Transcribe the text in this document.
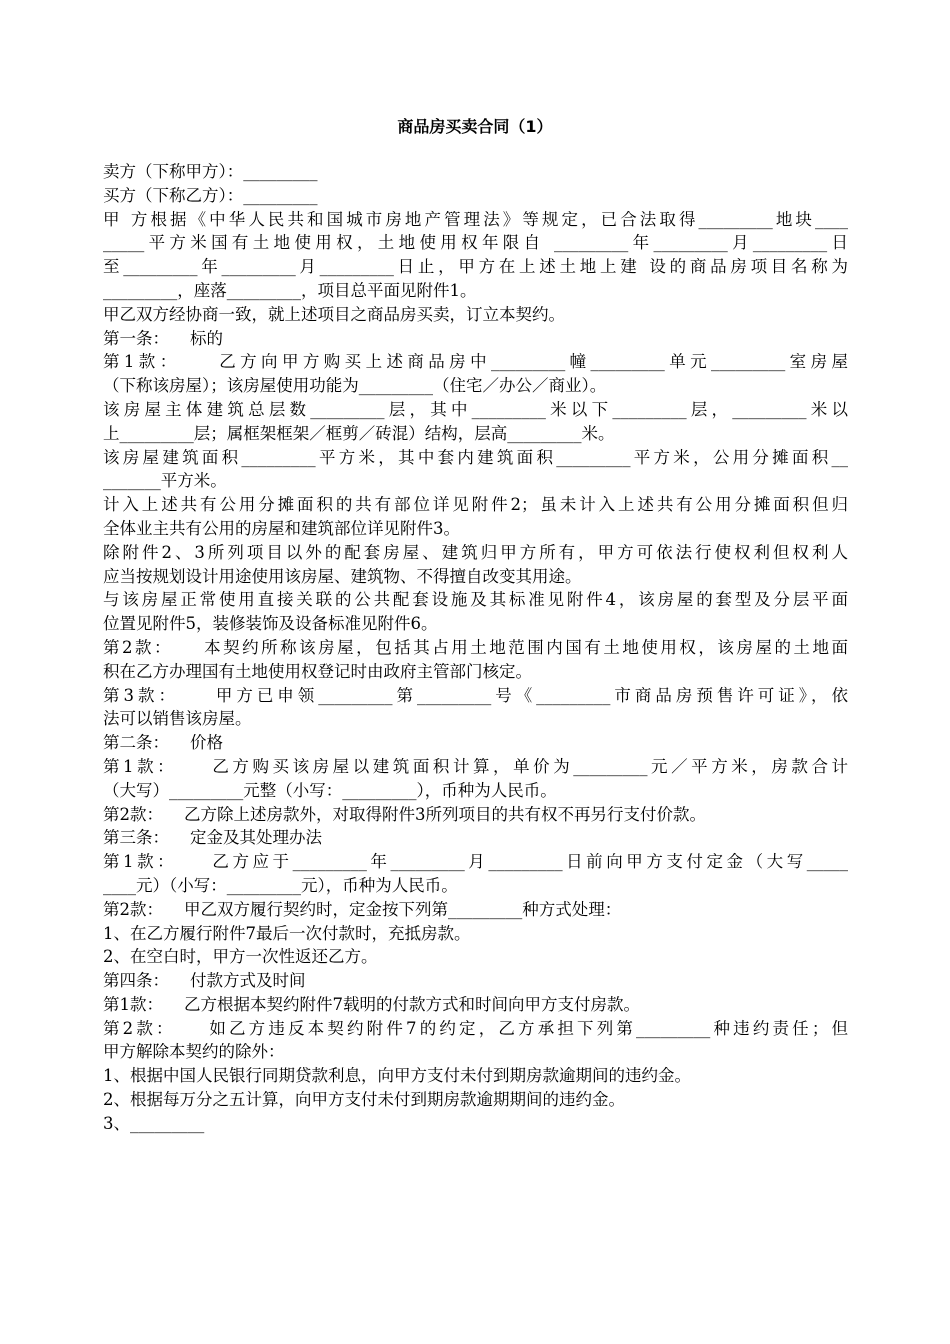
商品房买卖合同（1）
卖方（下称甲方）：_________
买方（下称乙方）：_________
甲 方根据《中华人民共和国城市房地产管理法》等规定，已合法取得_________地块____
_____平方米国有土地使用权，土地使用权年限自 _________年_________月_________日
至_________年_________月_________日止，甲方在上述土地上建 设的商品房项目名称为
_________，座落_________，项目总平面见附件1。
甲乙双方经协商一致，就上述项目之商品房买卖，订立本契约。
第一条：    标的
第1款：    乙方向甲方购买上述商品房中_________幢_________单元_________室房屋
（下称该房屋）；该房屋使用功能为_________（住宅／办公／商业）。
该房屋主体建筑总层数_________层，其中_________米以下_________层，_________米以
上_________层；属框架框架／框剪／砖混）结构，层高_________米。
该房屋建筑面积_________平方米，其中套内建筑面积_________平方米，公用分摊面积__
_______平方米。
计入上述共有公用分摊面积的共有部位详见附件2；虽未计入上述共有公用分摊面积但归
全体业主共有公用的房屋和建筑部位详见附件3。
除附件2、3所列项目以外的配套房屋、建筑归甲方所有，甲方可依法行使权利但权利人
应当按规划设计用途使用该房屋、建筑物、不得擅自改变其用途。
与该房屋正常使用直接关联的公共配套设施及其标准见附件4，该房屋的套型及分层平面
位置见附件5，装修装饰及设备标准见附件6。
第2款：    本契约所称该房屋，包括其占用土地范围内国有土地使用权，该房屋的土地面
积在乙方办理国有土地使用权登记时由政府主管部门核定。
第3款：    甲方已申领_________第_________号《_________市商品房预售许可证》，依
法可以销售该房屋。
第二条：    价格
第1款：    乙方购买该房屋以建筑面积计算，单价为_________元／平方米，房款合计
（大写）_________元整（小写：_________），币种为人民币。
第2款：    乙方除上述房款外，对取得附件3所列项目的共有权不再另行支付价款。
第三条：    定金及其处理办法
第1款：    乙方应于_________年_________月_________日前向甲方支付定金（大写_____
____元）（小写：_________元），币种为人民币。
第2款：    甲乙双方履行契约时，定金按下列第_________种方式处理：
1、在乙方履行附件7最后一次付款时，充抵房款。
2、在空白时，甲方一次性返还乙方。
第四条：    付款方式及时间
第1款：    乙方根据本契约附件7载明的付款方式和时间向甲方支付房款。
第2款：    如乙方违反本契约附件7的约定，乙方承担下列第_________种违约责任；但
甲方解除本契约的除外：
1、根据中国人民银行同期贷款利息，向甲方支付未付到期房款逾期间的违约金。
2、根据每万分之五计算，向甲方支付未付到期房款逾期期间的违约金。
3、_________
